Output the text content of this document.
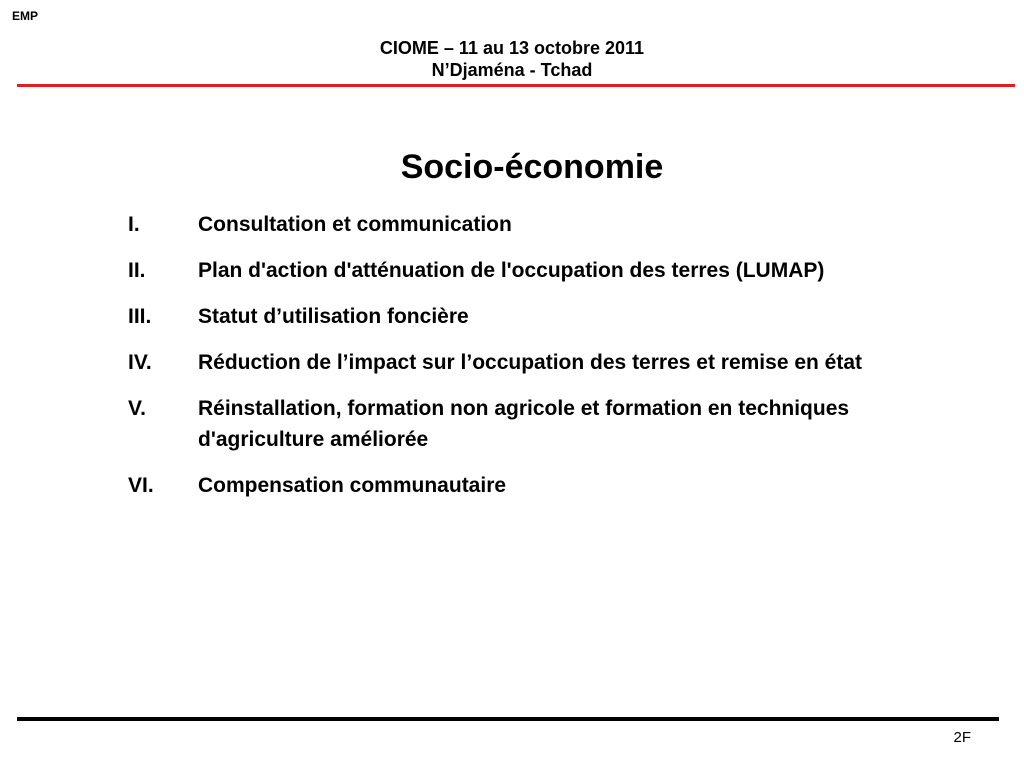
EMP
CIOME – 11 au 13 octobre 2011
N’Djaména - Tchad
Socio-économie
I.	Consultation et communication
II. Plan d'action d'atténuation de l'occupation des terres (LUMAP)
III. Statut d’utilisation foncière
IV. Réduction de l’impact sur l’occupation des terres et remise en état
V. Réinstallation, formation non agricole et formation en techniques d'agriculture améliorée
VI. Compensation communautaire
2F
